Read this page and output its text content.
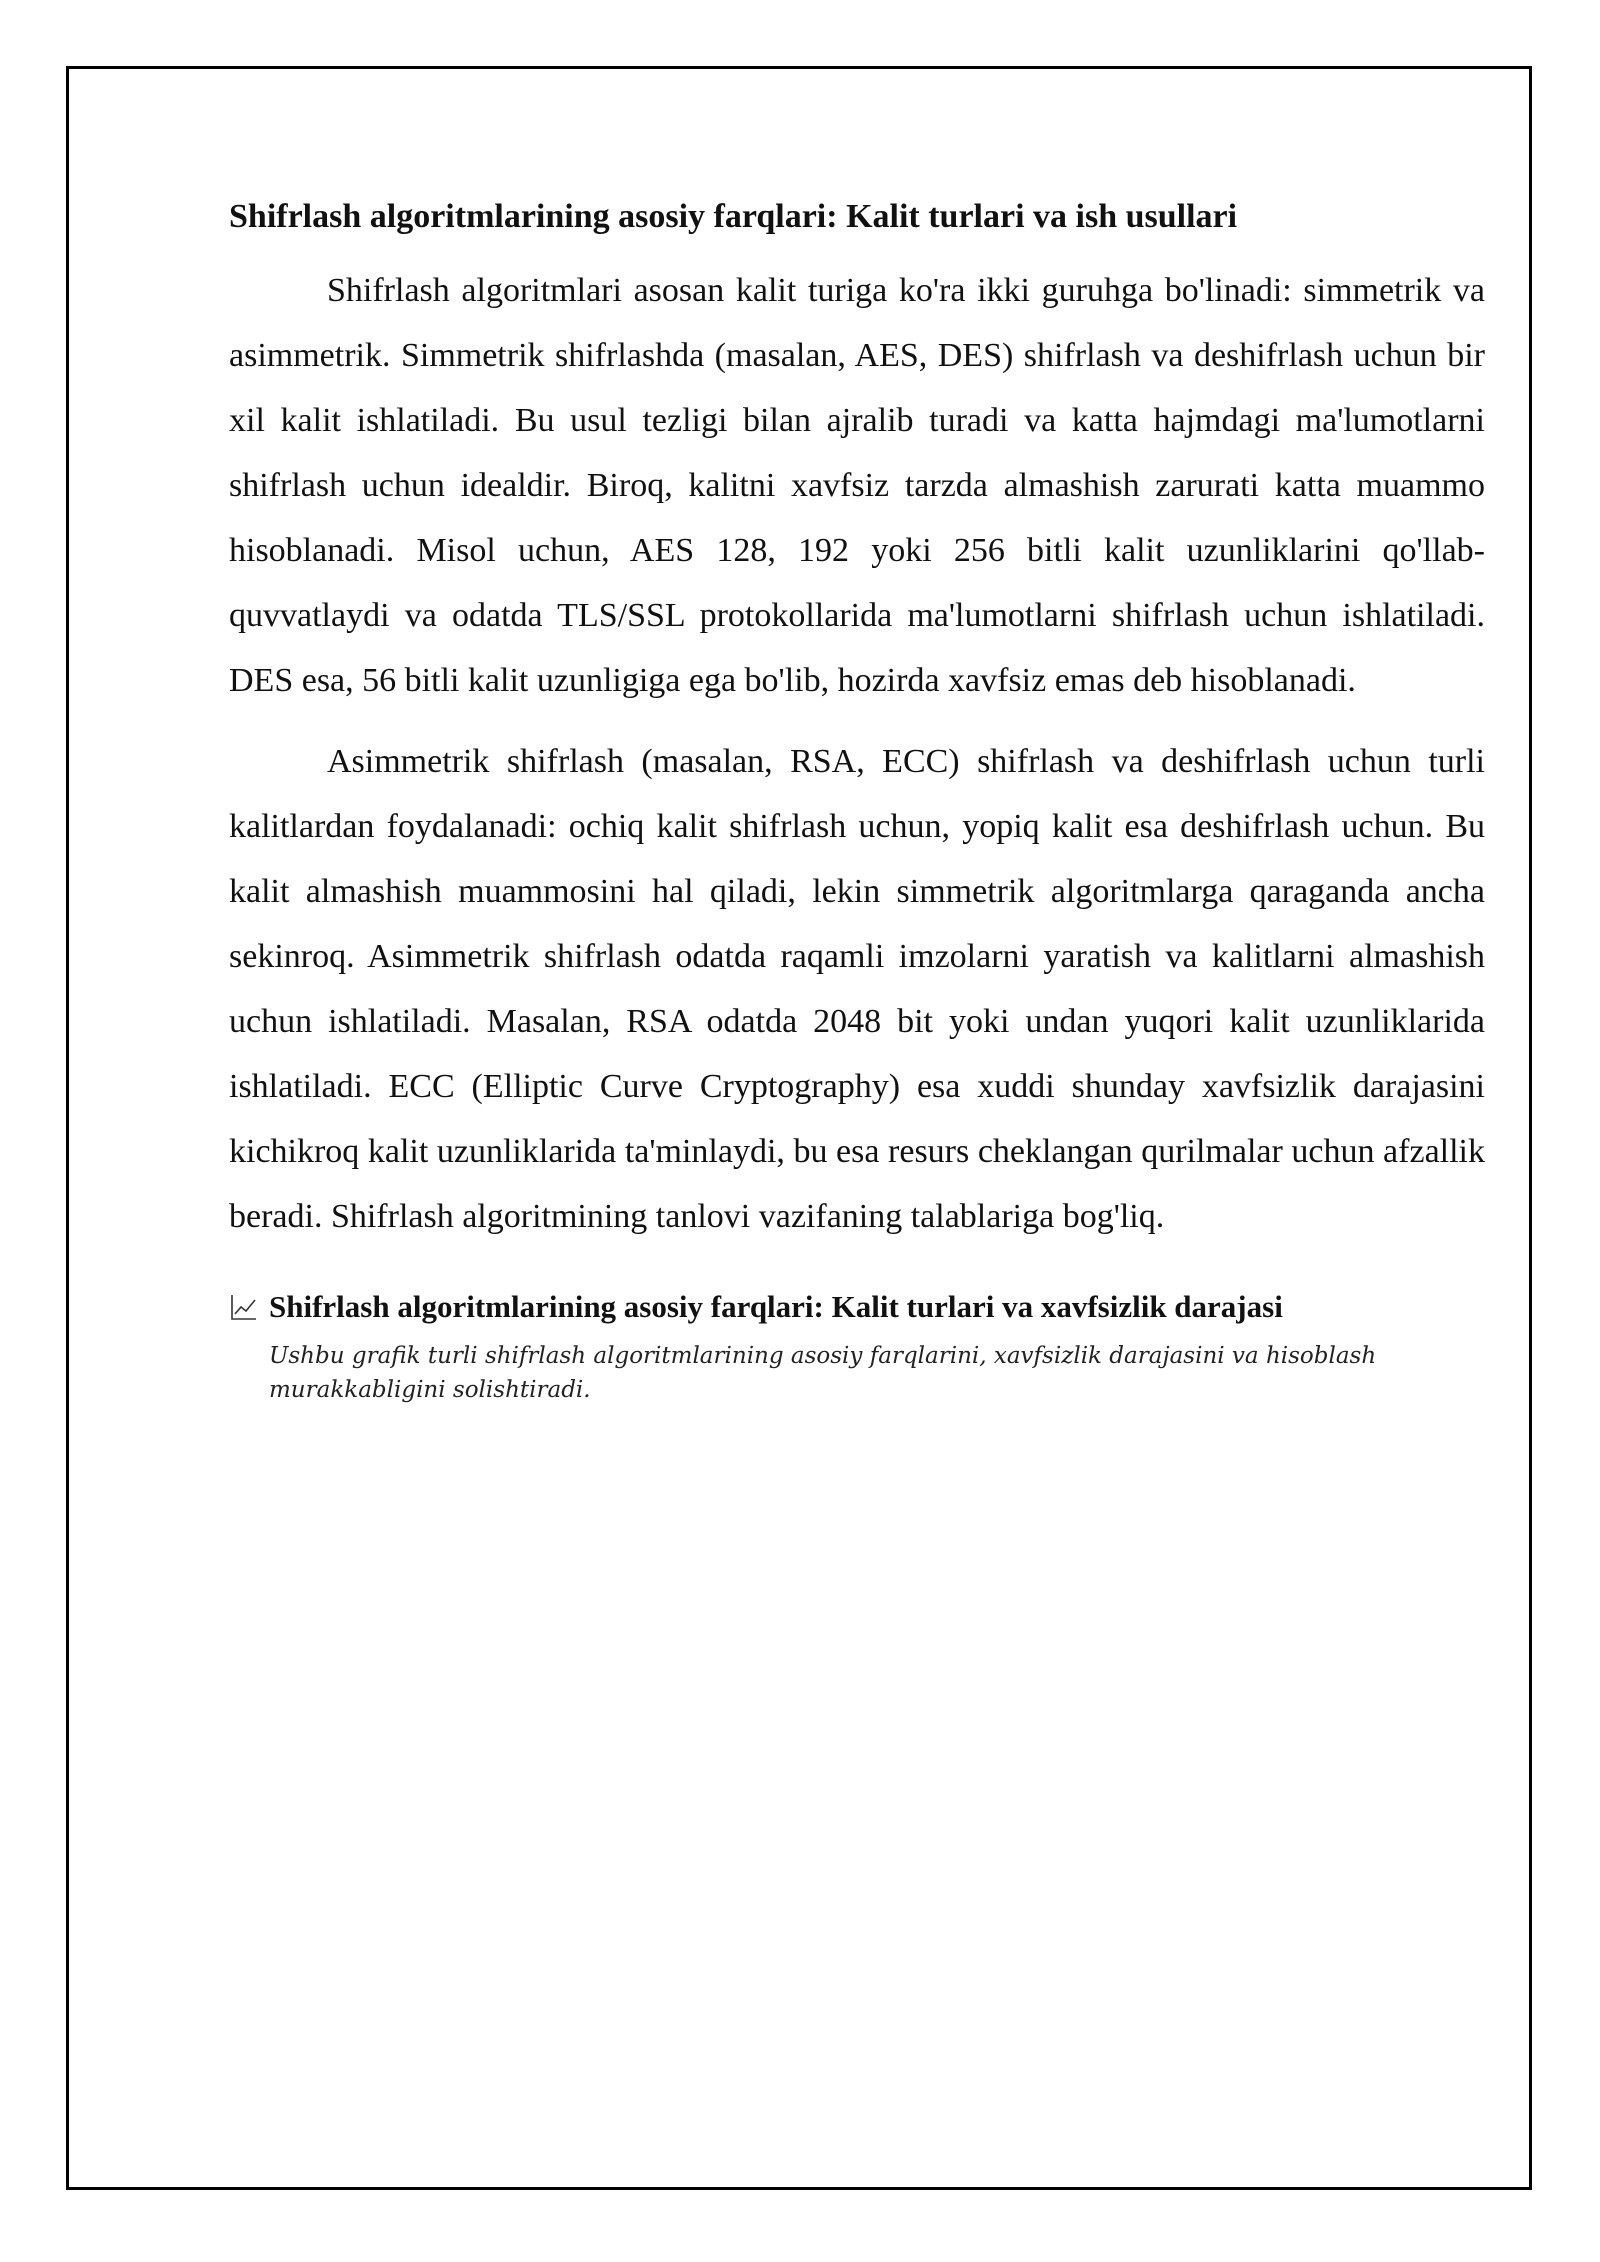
Shifrlash algoritmlarining asosiy farqlari: Kalit turlari va ish usullari

Shifrlash algoritmlari asosan kalit turiga ko'ra ikki guruhga bo'linadi: simmetrik va asimmetrik. Simmetrik shifrlashda (masalan, AES, DES) shifrlash va deshifrlash uchun bir xil kalit ishlatiladi. Bu usul tezligi bilan ajralib turadi va katta hajmdagi ma'lumotlarni shifrlash uchun idealdir. Biroq, kalitni xavfsiz tarzda almashish zarurati katta muammo hisoblanadi. Misol uchun, AES 128, 192 yoki 256 bitli kalit uzunliklarini qo'llab-quvvatlaydi va odatda TLS/SSL protokollarida ma'lumotlarni shifrlash uchun ishlatiladi. DES esa, 56 bitli kalit uzunligiga ega bo'lib, hozirda xavfsiz emas deb hisoblanadi.

Asimmetrik shifrlash (masalan, RSA, ECC) shifrlash va deshifrlash uchun turli kalitlardan foydalanadi: ochiq kalit shifrlash uchun, yopiq kalit esa deshifrlash uchun. Bu kalit almashish muammosini hal qiladi, lekin simmetrik algoritmlarga qaraganda ancha sekinroq. Asimmetrik shifrlash odatda raqamli imzolarni yaratish va kalitlarni almashish uchun ishlatiladi. Masalan, RSA odatda 2048 bit yoki undan yuqori kalit uzunliklarida ishlatiladi. ECC (Elliptic Curve Cryptography) esa xuddi shunday xavfsizlik darajasini kichikroq kalit uzunliklarida ta'minlaydi, bu esa resurs cheklangan qurilmalar uchun afzallik beradi. Shifrlash algoritmining tanlovi vazifaning talablariga bog'liq.

Shifrlash algoritmlarining asosiy farqlari: Kalit turlari va xavfsizlik darajasi
Ushbu grafik turli shifrlash algoritmlarining asosiy farqlarini, xavfsizlik darajasini va hisoblash murakkabligini solishtiradi.
